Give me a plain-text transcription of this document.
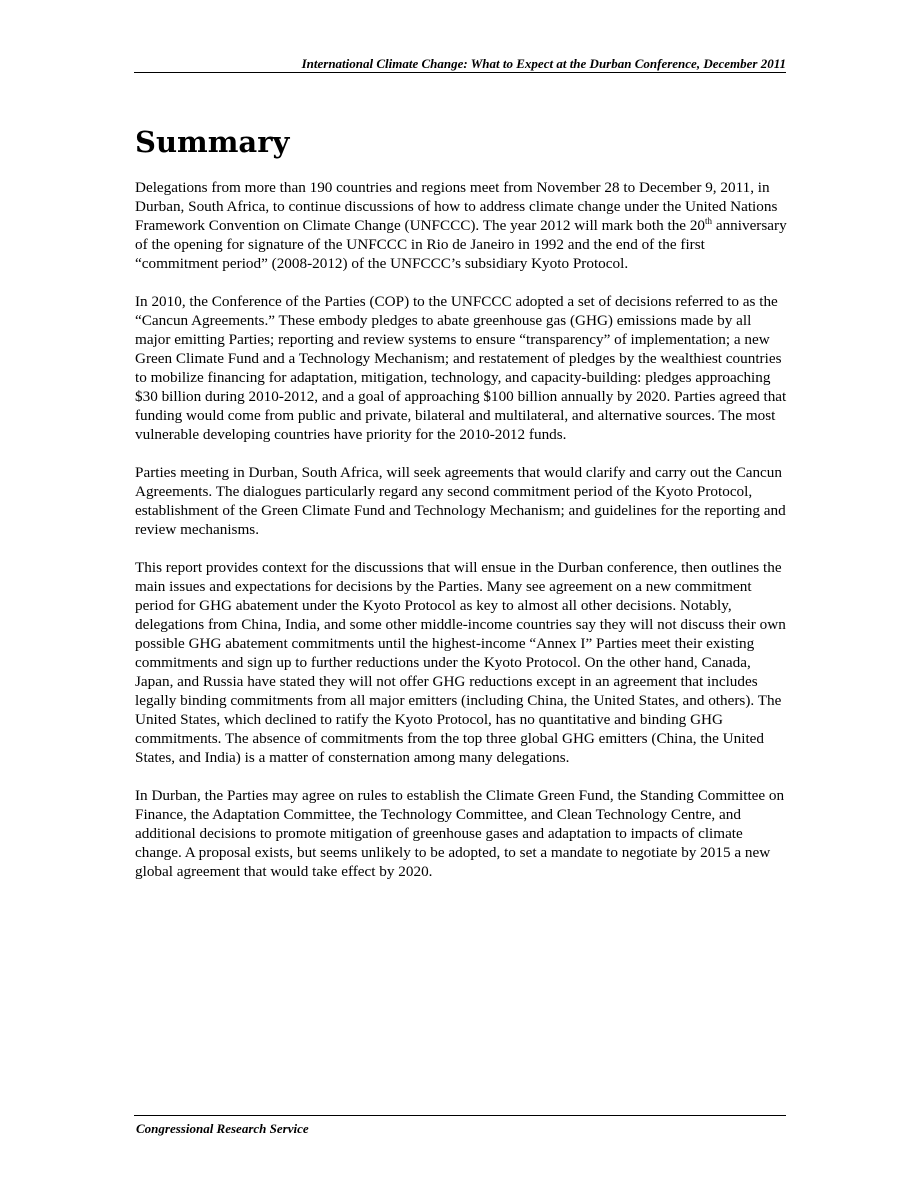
International Climate Change: What to Expect at the Durban Conference, December 2011
Summary

Delegations from more than 190 countries and regions meet from November 28 to December 9, 2011, in Durban, South Africa, to continue discussions of how to address climate change under the United Nations Framework Convention on Climate Change (UNFCCC). The year 2012 will mark both the 20th anniversary of the opening for signature of the UNFCCC in Rio de Janeiro in 1992 and the end of the first “commitment period” (2008-2012) of the UNFCCC’s subsidiary Kyoto Protocol.

In 2010, the Conference of the Parties (COP) to the UNFCCC adopted a set of decisions referred to as the “Cancun Agreements.” These embody pledges to abate greenhouse gas (GHG) emissions made by all major emitting Parties; reporting and review systems to ensure “transparency” of implementation; a new Green Climate Fund and a Technology Mechanism; and restatement of pledges by the wealthiest countries to mobilize financing for adaptation, mitigation, technology, and capacity-building: pledges approaching $30 billion during 2010-2012, and a goal of approaching $100 billion annually by 2020. Parties agreed that funding would come from public and private, bilateral and multilateral, and alternative sources. The most vulnerable developing countries have priority for the 2010-2012 funds.

Parties meeting in Durban, South Africa, will seek agreements that would clarify and carry out the Cancun Agreements. The dialogues particularly regard any second commitment period of the Kyoto Protocol, establishment of the Green Climate Fund and Technology Mechanism; and guidelines for the reporting and review mechanisms.

This report provides context for the discussions that will ensue in the Durban conference, then outlines the main issues and expectations for decisions by the Parties. Many see agreement on a new commitment period for GHG abatement under the Kyoto Protocol as key to almost all other decisions. Notably, delegations from China, India, and some other middle-income countries say they will not discuss their own possible GHG abatement commitments until the highest-income “Annex I” Parties meet their existing commitments and sign up to further reductions under the Kyoto Protocol. On the other hand, Canada, Japan, and Russia have stated they will not offer GHG reductions except in an agreement that includes legally binding commitments from all major emitters (including China, the United States, and others). The United States, which declined to ratify the Kyoto Protocol, has no quantitative and binding GHG commitments. The absence of commitments from the top three global GHG emitters (China, the United States, and India) is a matter of consternation among many delegations.

In Durban, the Parties may agree on rules to establish the Climate Green Fund, the Standing Committee on Finance, the Adaptation Committee, the Technology Committee, and Clean Technology Centre, and additional decisions to promote mitigation of greenhouse gases and adaptation to impacts of climate change. A proposal exists, but seems unlikely to be adopted, to set a mandate to negotiate by 2015 a new global agreement that would take effect by 2020.

Congressional Research Service
